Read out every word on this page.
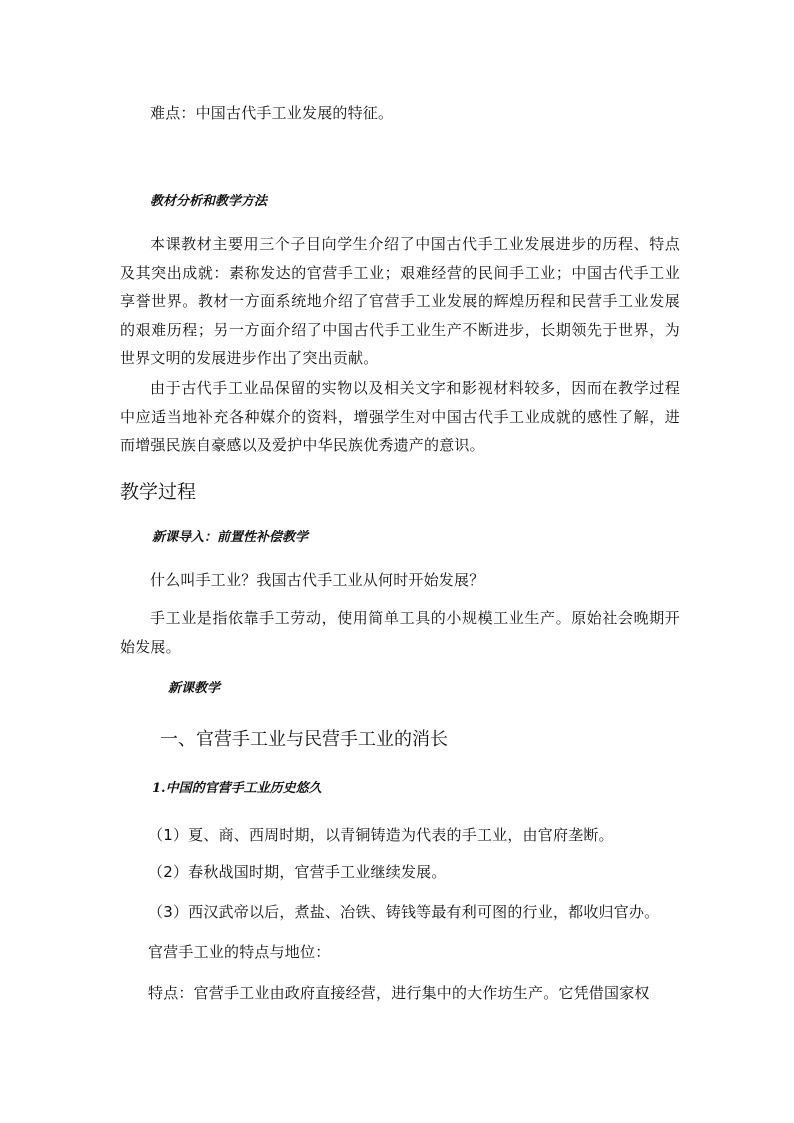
难点：中国古代手工业发展的特征。
教材分析和教学方法

本课教材主要用三个子目向学生介绍了中国古代手工业发展进步的历程、特点及其突出成就：素称发达的官营手工业；艰难经营的民间手工业；中国古代手工业享誉世界。教材一方面系统地介绍了官营手工业发展的辉煌历程和民营手工业发展的艰难历程；另一方面介绍了中国古代手工业生产不断进步，长期领先于世界，为世界文明的发展进步作出了突出贡献。

由于古代手工业品保留的实物以及相关文字和影视材料较多，因而在教学过程中应适当地补充各种媒介的资料，增强学生对中国古代手工业成就的感性了解，进而增强民族自豪感以及爱护中华民族优秀遗产的意识。

教学过程
新课导入：前置性补偿教学
什么叫手工业？我国古代手工业从何时开始发展？

手工业是指依靠手工劳动，使用简单工具的小规模工业生产。原始社会晚期开始发展。

新课教学
一、官营手工业与民营手工业的消长
1.中国的官营手工业历史悠久
（1）夏、商、西周时期，以青铜铸造为代表的手工业，由官府垄断。
（2）春秋战国时期，官营手工业继续发展。
（3）西汉武帝以后，煮盐、冶铁、铸钱等最有利可图的行业，都收归官办。
官营手工业的特点与地位：
特点：官营手工业由政府直接经营，进行集中的大作坊生产。它凭借国家权
